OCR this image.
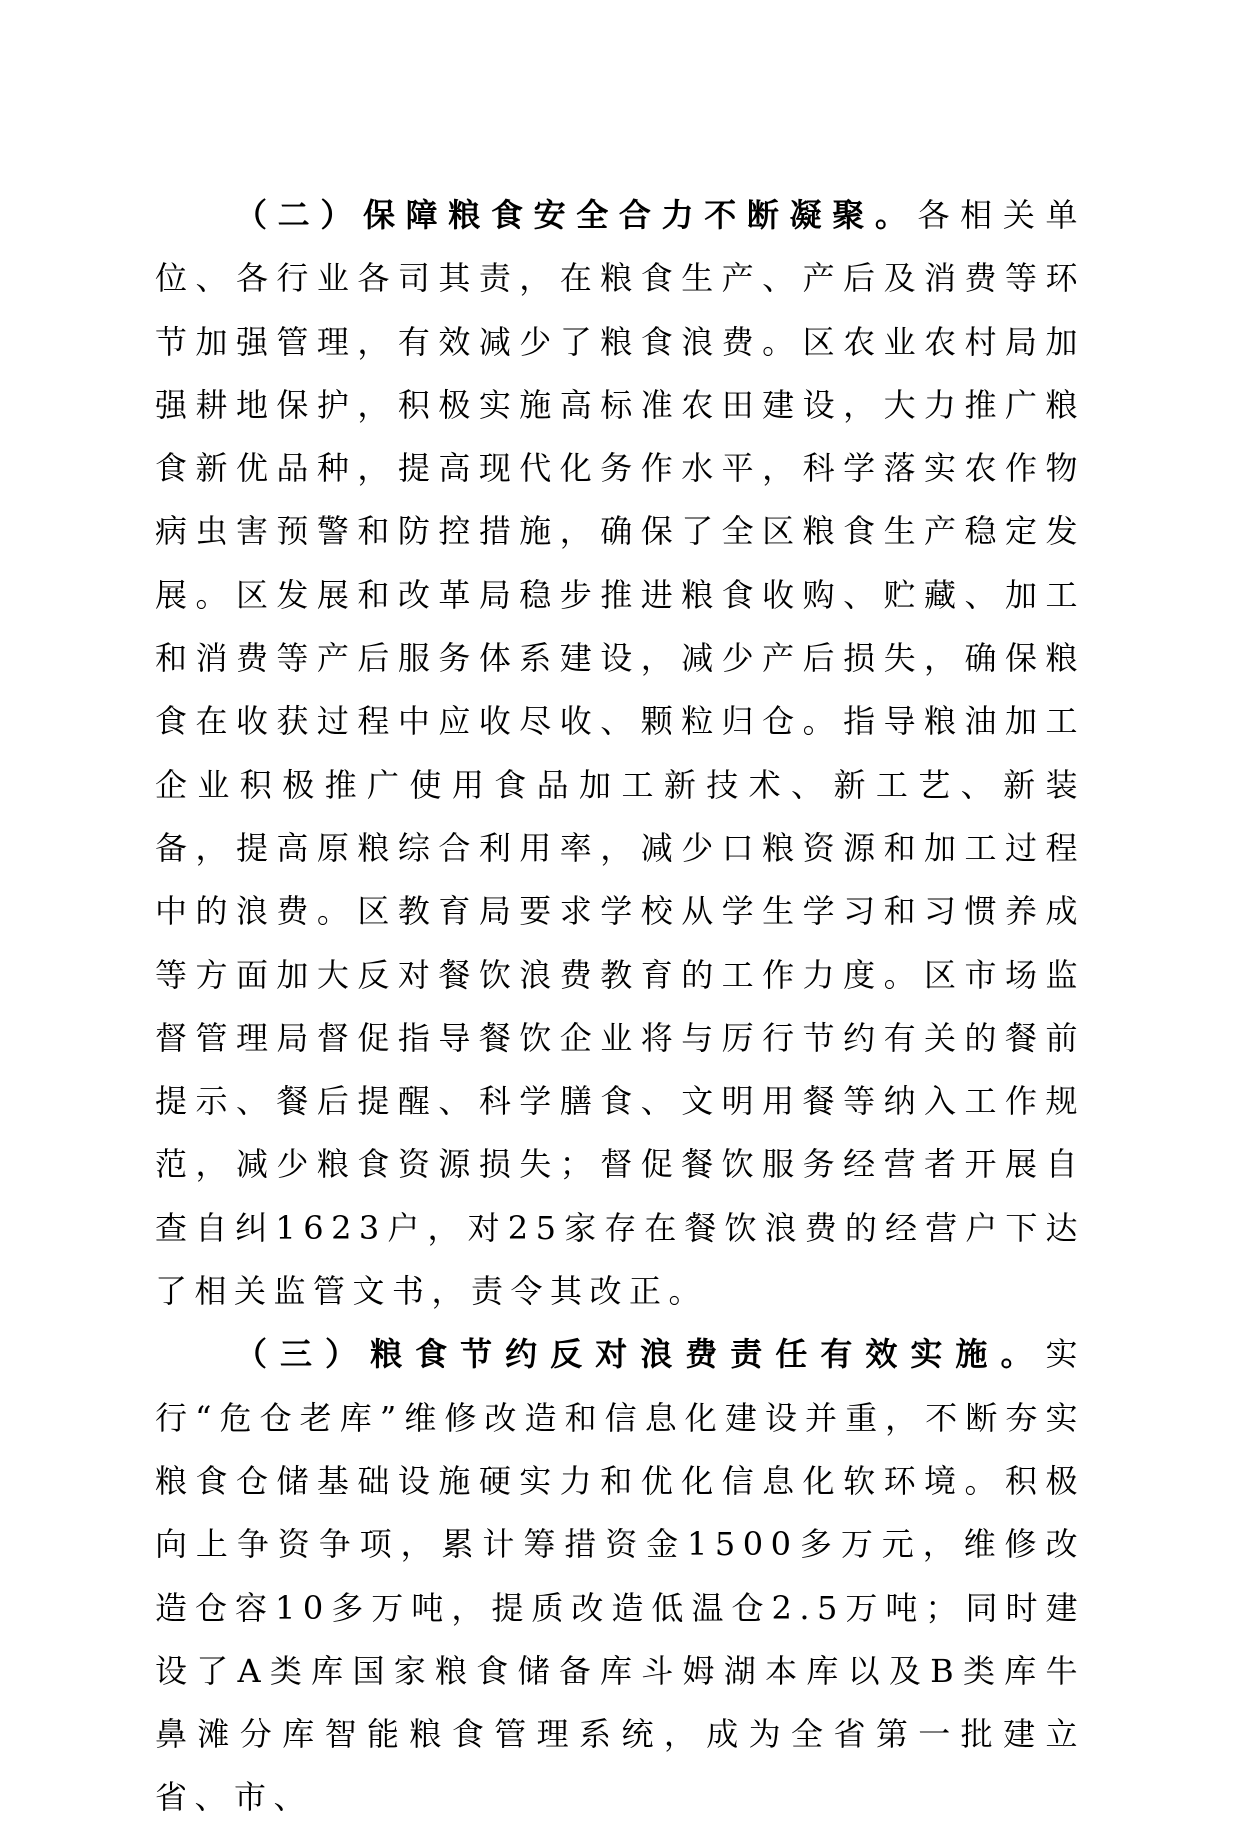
（二）保障粮食安全合力不断凝聚。各相关单位、各行业各司其责，在粮食生产、产后及消费等环节加强管理，有效减少了粮食浪费。区农业农村局加强耕地保护，积极实施高标准农田建设，大力推广粮食新优品种，提高现代化务作水平，科学落实农作物病虫害预警和防控措施，确保了全区粮食生产稳定发展。区发展和改革局稳步推进粮食收购、贮藏、加工和消费等产后服务体系建设，减少产后损失，确保粮食在收获过程中应收尽收、颗粒归仓。指导粮油加工企业积极推广使用食品加工新技术、新工艺、新装备，提高原粮综合利用率，减少口粮资源和加工过程中的浪费。区教育局要求学校从学生学习和习惯养成等方面加大反对餐饮浪费教育的工作力度。区市场监督管理局督促指导餐饮企业将与厉行节约有关的餐前提示、餐后提醒、科学膳食、文明用餐等纳入工作规范，减少粮食资源损失；督促餐饮服务经营者开展自查自纠1623户，对25家存在餐饮浪费的经营户下达了相关监管文书，责令其改正。

（三）粮食节约反对浪费责任有效实施。实行“危仓老库”维修改造和信息化建设并重，不断夯实粮食仓储基础设施硬实力和优化信息化软环境。积极向上争资争项，累计筹措资金1500多万元，维修改造仓容10多万吨，提质改造低温仓2.5万吨；同时建设了A类库国家粮食储备库斗姆湖本库以及B类库牛鼻滩分库智能粮食管理系统，成为全省第一批建立省、市、
